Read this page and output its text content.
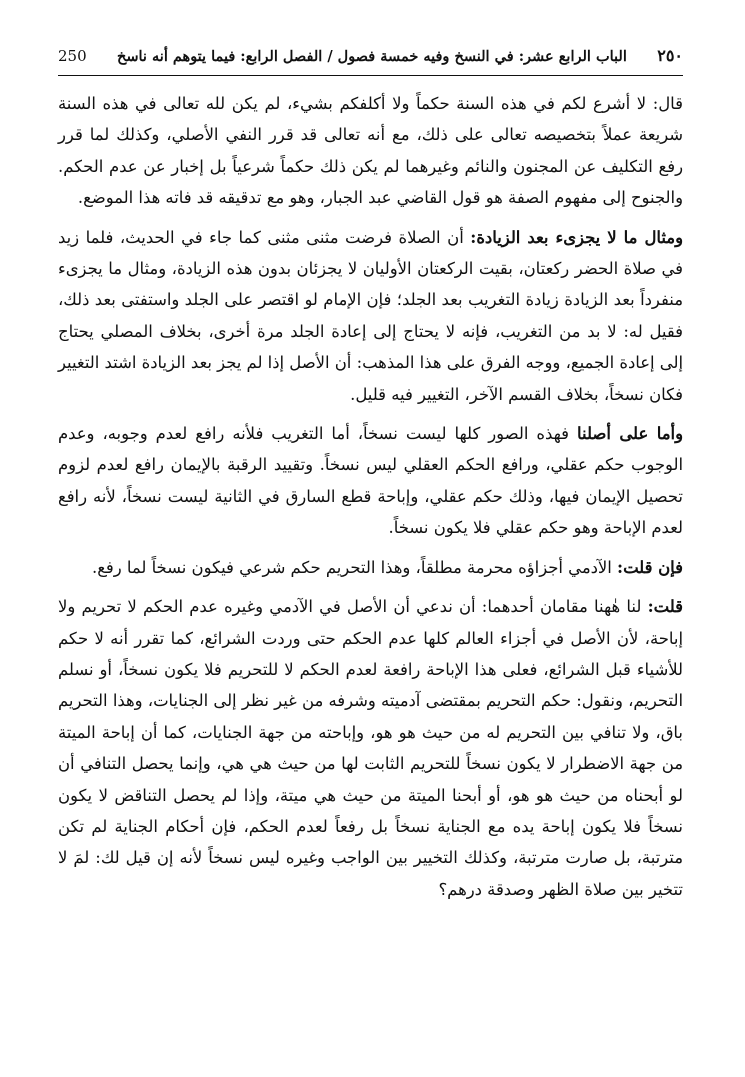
250 الباب الرابع عشر: في النسخ وفيه خمسة فصول / الفصل الرابع: فيما يتوهم أنه ناسخ ٢٥٠

قال: لا أشرع لكم في هذه السنة حكماً ولا أكلفكم بشيء، لم يكن لله تعالى في هذه السنة شريعة عملاً بتخصيصه تعالى على ذلك، مع أنه تعالى قد قرر النفي الأصلي، وكذلك لما قرر رفع التكليف عن المجنون والنائم وغيرهما لم يكن ذلك حكماً شرعياً بل إخبار عن عدم الحكم. والجنوح إلى مفهوم الصفة هو قول القاضي عبد الجبار، وهو مع تدقيقه قد فاته هذا الموضع.

ومثال ما لا يجزىء بعد الزيادة: أن الصلاة فرضت مثنى مثنى كما جاء في الحديث، فلما زيد في صلاة الحضر ركعتان، بقيت الركعتان الأوليان لا يجزئان بدون هذه الزيادة، ومثال ما يجزىء منفرداً بعد الزيادة زيادة التغريب بعد الجلد؛ فإن الإمام لو اقتصر على الجلد واستفتى بعد ذلك، فقيل له: لا بد من التغريب، فإنه لا يحتاج إلى إعادة الجلد مرة أخرى، بخلاف المصلي يحتاج إلى إعادة الجميع، ووجه الفرق على هذا المذهب: أن الأصل إذا لم يجز بعد الزيادة اشتد التغيير فكان نسخاً، بخلاف القسم الآخر، التغيير فيه قليل.

وأما على أصلنا فهذه الصور كلها ليست نسخاً، أما التغريب فلأنه رافع لعدم وجوبه، وعدم الوجوب حكم عقلي، ورافع الحكم العقلي ليس نسخاً. وتقييد الرقبة بالإيمان رافع لعدم لزوم تحصيل الإيمان فيها، وذلك حكم عقلي، وإباحة قطع السارق في الثانية ليست نسخاً، لأنه رافع لعدم الإباحة وهو حكم عقلي فلا يكون نسخاً.

فإن قلت: الآدمي أجزاؤه محرمة مطلقاً، وهذا التحريم حكم شرعي فيكون نسخاً لما رفع.

قلت: لنا هٰهنا مقامان أحدهما: أن ندعي أن الأصل في الآدمي وغيره عدم الحكم لا تحريم ولا إباحة، لأن الأصل في أجزاء العالم كلها عدم الحكم حتى وردت الشرائع، كما تقرر أنه لا حكم للأشياء قبل الشرائع، فعلى هذا الإباحة رافعة لعدم الحكم لا للتحريم فلا يكون نسخاً، أو نسلم التحريم، ونقول: حكم التحريم بمقتضى آدميته وشرفه من غير نظر إلى الجنايات، وهذا التحريم باق، ولا تنافي بين التحريم له من حيث هو هو، وإباحته من جهة الجنايات، كما أن إباحة الميتة من جهة الاضطرار لا يكون نسخاً للتحريم الثابت لها من حيث هي هي، وإنما يحصل التنافي أن لو أبحناه من حيث هو هو، أو أبحنا الميتة من حيث هي ميتة، وإذا لم يحصل التناقض لا يكون نسخاً فلا يكون إباحة يده مع الجناية نسخاً بل رفعاً لعدم الحكم، فإن أحكام الجناية لم تكن مترتبة، بل صارت مترتبة، وكذلك التخيير بين الواجب وغيره ليس نسخاً لأنه إن قيل لك: لمَ لا تتخير بين صلاة الظهر وصدقة درهم؟
